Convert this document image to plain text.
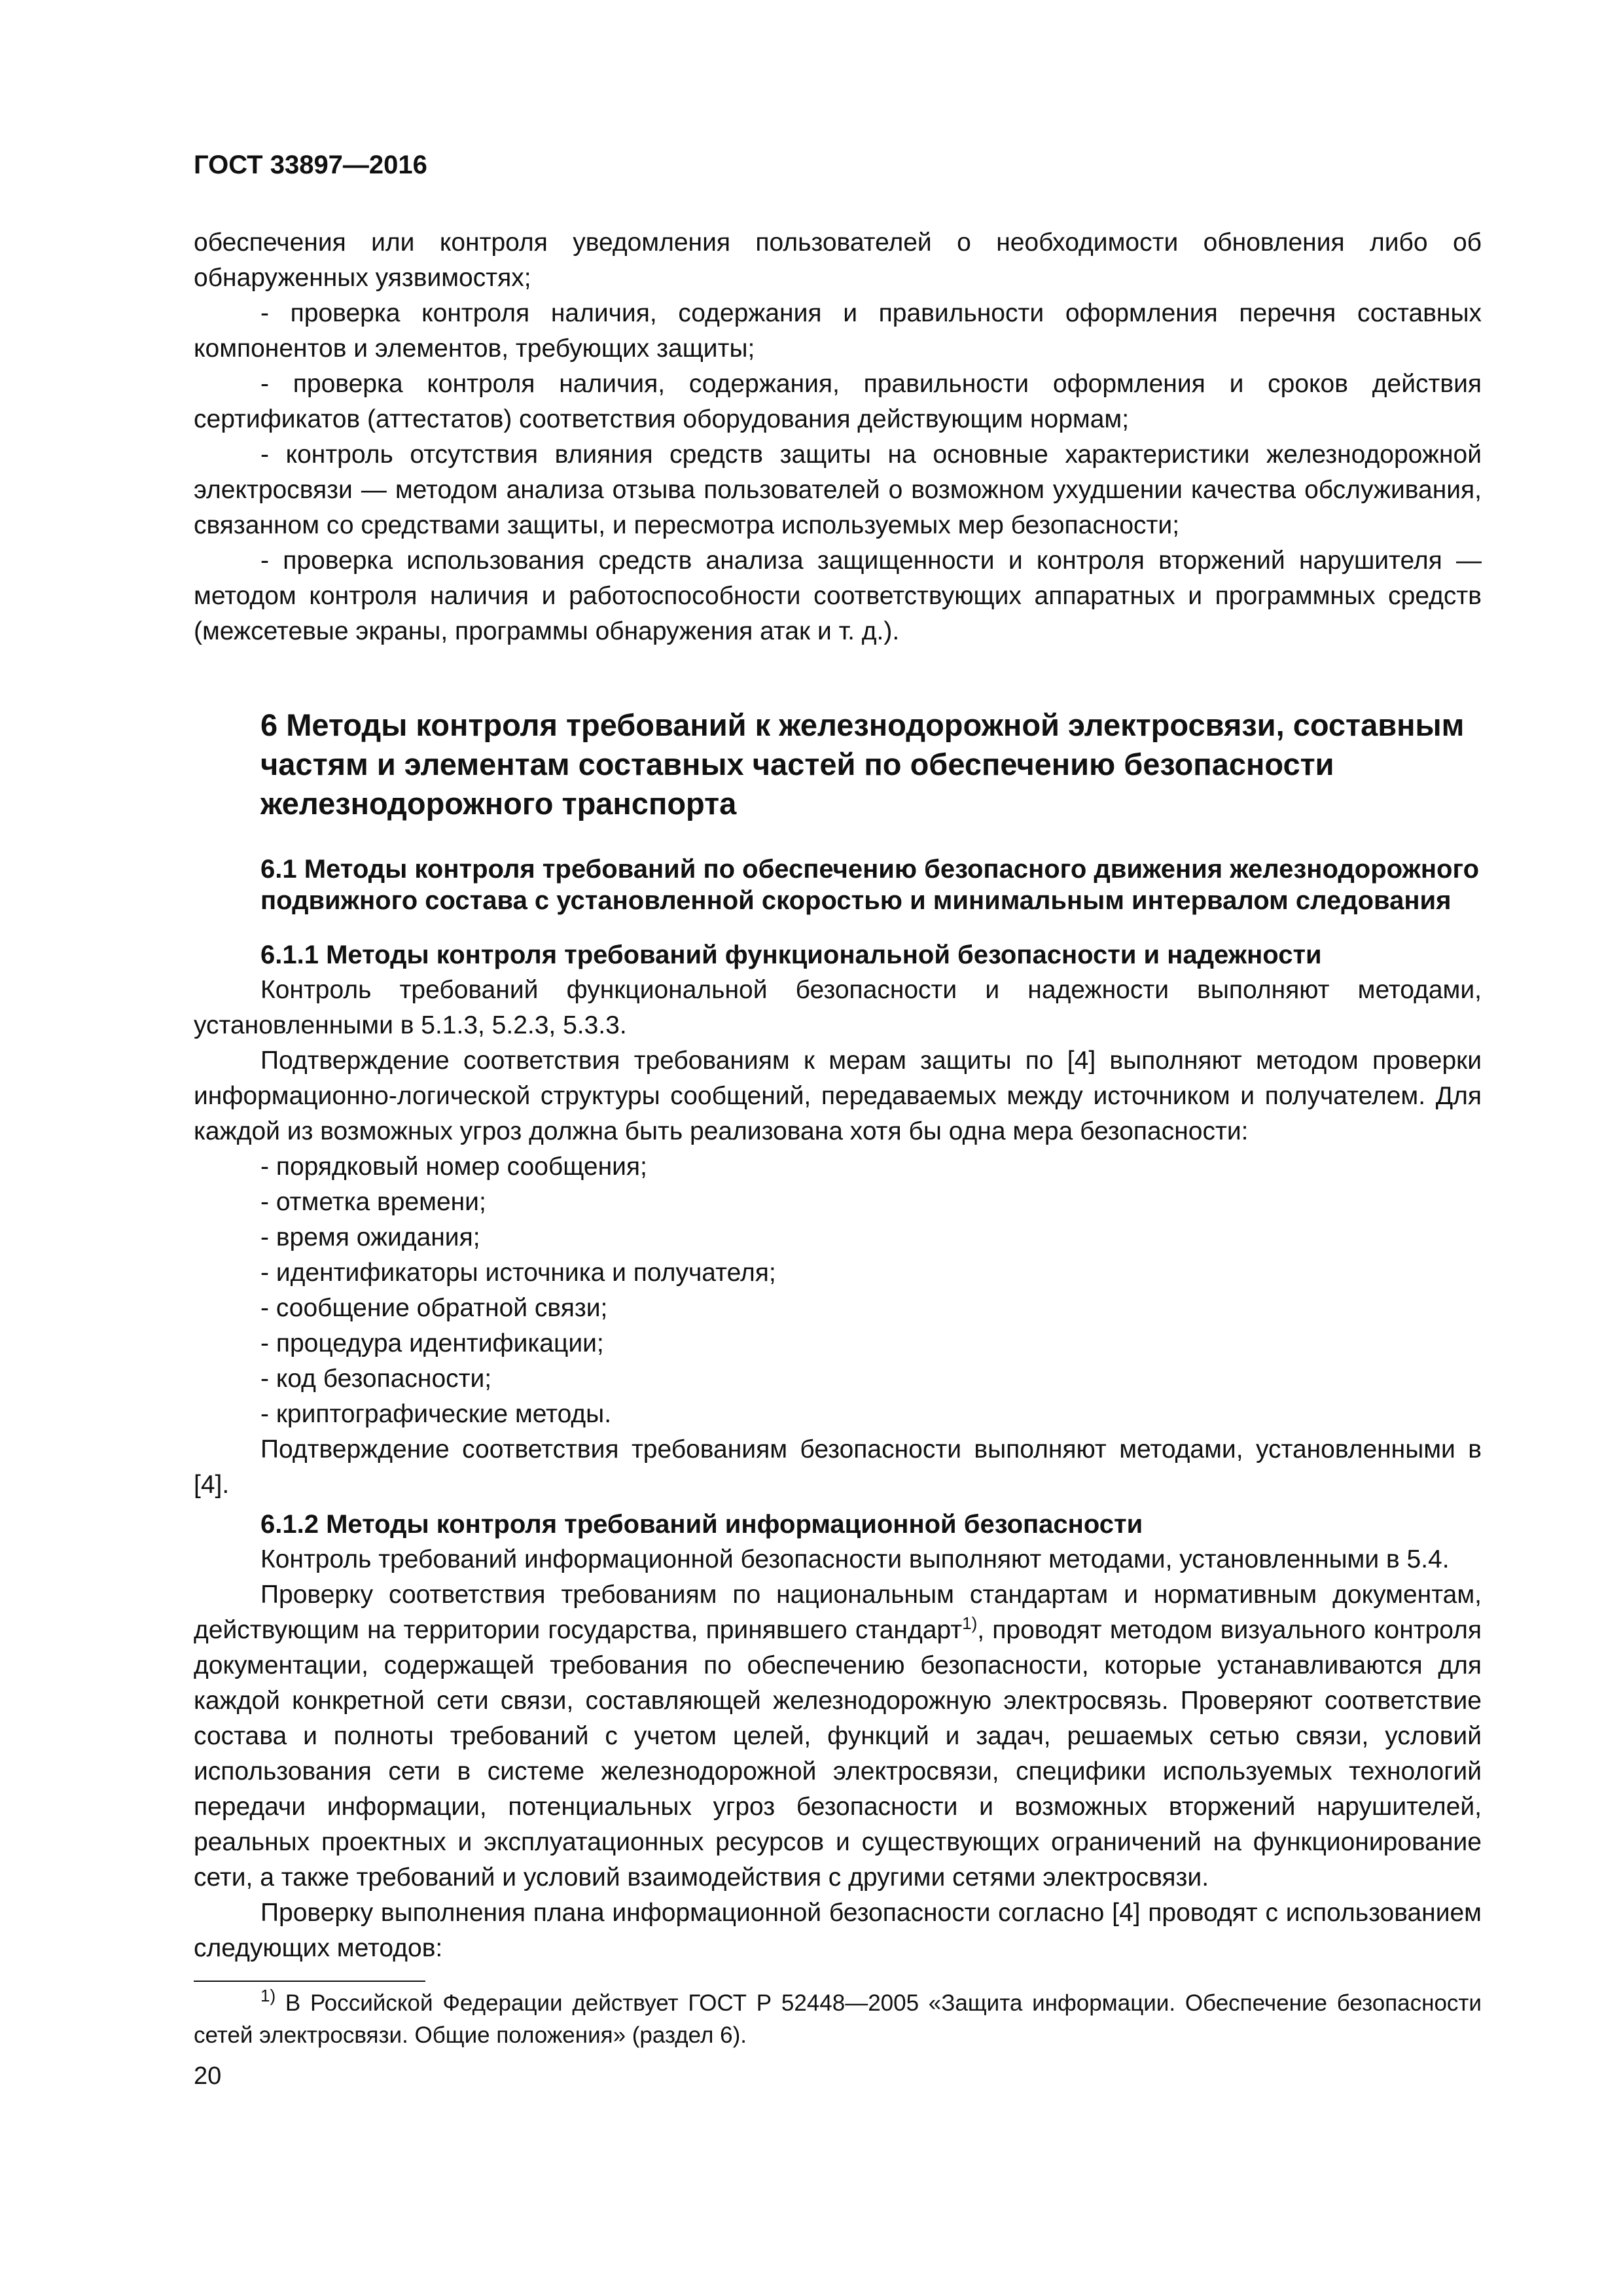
ГОСТ 33897—2016

обеспечения или контроля уведомления пользователей о необходимости обновления либо об обнаруженных уязвимостях;

- проверка контроля наличия, содержания и правильности оформления перечня составных компонентов и элементов, требующих защиты;

- проверка контроля наличия, содержания, правильности оформления и сроков действия сертификатов (аттестатов) соответствия оборудования действующим нормам;

- контроль отсутствия влияния средств защиты на основные характеристики железнодорожной электросвязи — методом анализа отзыва пользователей о возможном ухудшении качества обслуживания, связанном со средствами защиты, и пересмотра используемых мер безопасности;

- проверка использования средств анализа защищенности и контроля вторжений нарушителя — методом контроля наличия и работоспособности соответствующих аппаратных и программных средств (межсетевые экраны, программы обнаружения атак и т. д.).

6 Методы контроля требований к железнодорожной электросвязи, составным частям и элементам составных частей по обеспечению безопасности железнодорожного транспорта
6.1 Методы контроля требований по обеспечению безопасного движения железнодорожного подвижного состава с установленной скоростью и минимальным интервалом следования
6.1.1 Методы контроля требований функциональной безопасности и надежности

Контроль требований функциональной безопасности и надежности выполняют методами, установленными в 5.1.3, 5.2.3, 5.3.3.

Подтверждение соответствия требованиям к мерам защиты по [4] выполняют методом проверки информационно-логической структуры сообщений, передаваемых между источником и получателем. Для каждой из возможных угроз должна быть реализована хотя бы одна мера безопасности:

- порядковый номер сообщения;
- отметка времени;
- время ожидания;
- идентификаторы источника и получателя;
- сообщение обратной связи;
- процедура идентификации;
- код безопасности;
- криптографические методы.

Подтверждение соответствия требованиям безопасности выполняют методами, установленными в [4].

6.1.2 Методы контроля требований информационной безопасности

Контроль требований информационной безопасности выполняют методами, установленными в 5.4.

Проверку соответствия требованиям по национальным стандартам и нормативным документам, действующим на территории государства, принявшего стандарт$^{1)}$, проводят методом визуального контроля документации, содержащей требования по обеспечению безопасности, которые устанавливаются для каждой конкретной сети связи, составляющей железнодорожную электросвязь. Проверяют соответствие состава и полноты требований с учетом целей, функций и задач, решаемых сетью связи, условий использования сети в системе железнодорожной электросвязи, специфики используемых технологий передачи информации, потенциальных угроз безопасности и возможных вторжений нарушителей, реальных проектных и эксплуатационных ресурсов и существующих ограничений на функционирование сети, а также требований и условий взаимодействия с другими сетями электросвязи.

Проверку выполнения плана информационной безопасности согласно [4] проводят с использованием следующих методов:

$^{1)}$ В Российской Федерации действует ГОСТ Р 52448—2005 «Защита информации. Обеспечение безопасности сетей электросвязи. Общие положения» (раздел 6).
20
